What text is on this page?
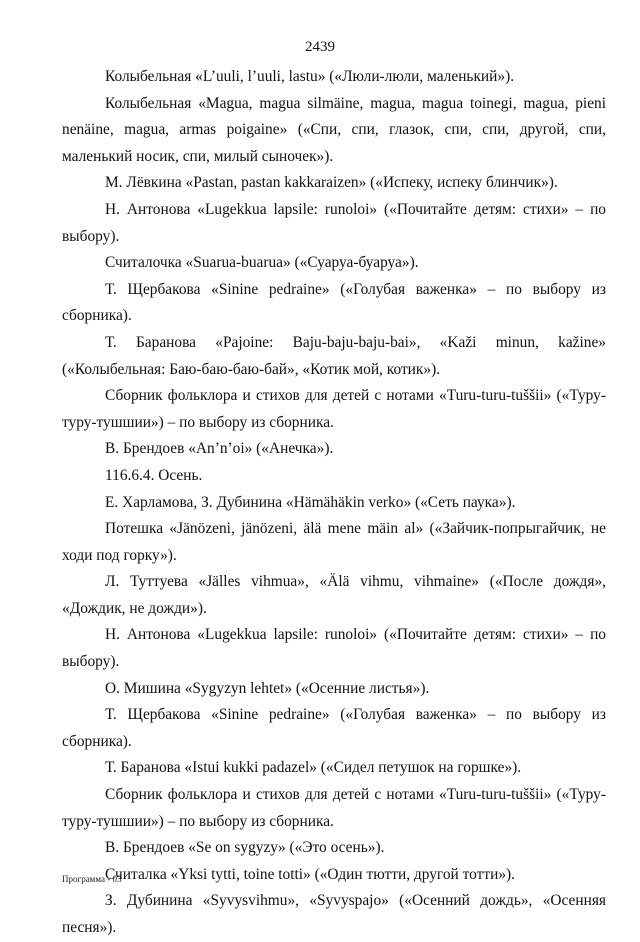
2439

Колыбельная «L’uuli, l’uuli, lastu» («Люли-люли, маленький»).

Колыбельная «Magua, magua silmäine, magua, magua toinegi, magua, pieni nenäine, magua, armas poigaine» («Спи, спи, глазок, спи, спи, другой, спи, маленький носик, спи, милый сыночек»).

М. Лёвкина «Pastan, pastan kakkaraizen» («Испеку, испеку блинчик»).

Н. Антонова «Lugekkua lapsile: runoloi» («Почитайте детям: стихи» – по выбору).

Считалочка «Suarua-buarua» («Суаруа-буаруа»).

Т. Щербакова «Sinine pedraine» («Голубая важенка» – по выбору из сборника).

Т. Баранова «Pajoine: Baju-baju-baju-bai», «Kaži minun, kažine» («Колыбельная: Баю-баю-баю-бай», «Котик мой, котик»).

Сборник фольклора и стихов для детей с нотами «Turu-turu-tuššii» («Туру-туру-тушшии») – по выбору из сборника.

В. Брендоев «An’n’oi» («Анечка»).

116.6.4. Осень.

Е. Харламова, З. Дубинина «Hämähäkin verko» («Сеть паука»).

Потешка «Jänözeni, jänözeni, älä mene mäin al» («Зайчик-попрыгайчик, не ходи под горку»).

Л. Туттуева «Jälles vihmua», «Älä vihmu, vihmaine» («После дождя», «Дождик, не дожди»).

Н. Антонова «Lugekkua lapsile: runoloi» («Почитайте детям: стихи» – по выбору).

О. Мишина «Sygyzyn lehtet» («Осенние листья»).

Т. Щербакова «Sinine pedraine» («Голубая важенка» – по выбору из сборника).

Т. Баранова «Istui kukki padazel» («Сидел петушок на горшке»).

Сборник фольклора и стихов для детей с нотами «Turu-turu-tuššii» («Туру-туру-тушшии») – по выбору из сборника.

В. Брендоев «Se on sygyzy» («Это осень»).

Считалка «Yksi tytti, toine totti» («Один тютти, другой тотти»).

З. Дубинина «Syvysvihmu», «Syvyspajo» («Осенний дождь», «Осенняя песня»).

Программа - 03
